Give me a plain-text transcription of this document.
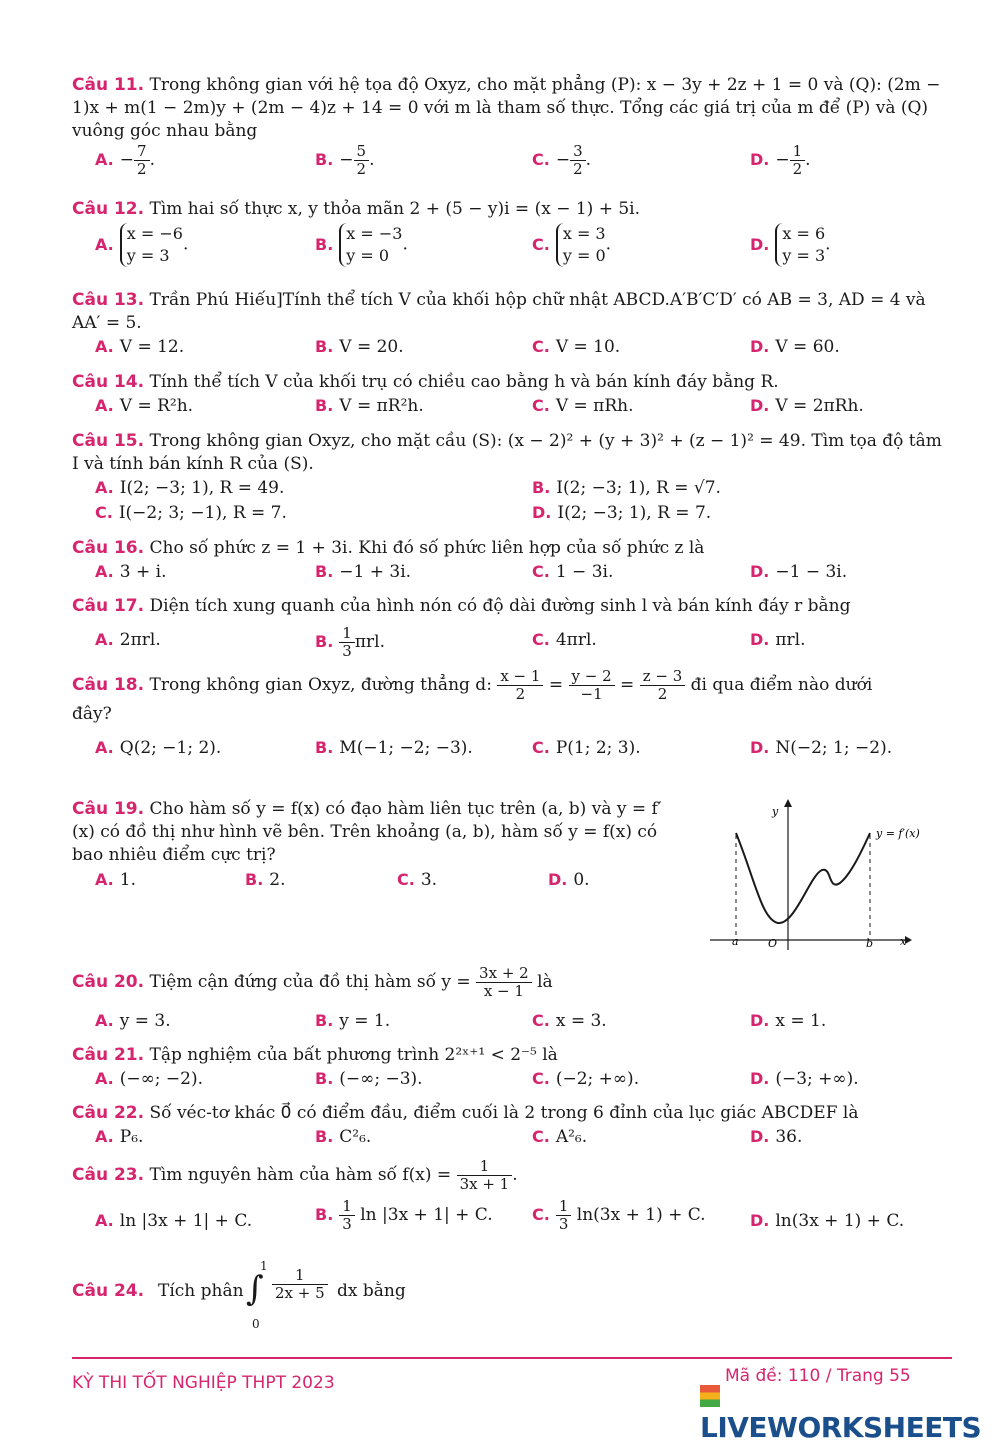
Câu 11. Trong không gian với hệ tọa độ Oxyz, cho mặt phẳng (P): x − 3y + 2z + 1 = 0 và (Q): (2m − 1)x + m(1 − 2m)y + (2m − 4)z + 14 = 0 với m là tham số thực. Tổng các giá trị của m để (P) và (Q) vuông góc nhau bằng
A. − $\frac{7}{2}$ .	B. − $\frac{5}{2}$ .	C. − $\frac{3}{2}$ .	D. − $\frac{1}{2}$ .
Câu 12. Tìm hai số thực x, y thỏa mãn 2 + (5 − y)i = (x − 1) + 5i.
A.
x = −6
y = 3
.	B.
x = −3
y = 0
.	C.
x = 3
y = 0
.	D.
x = 6
y = 3
.
Câu 13. Trần Phú Hiếu]Tính thể tích V của khối hộp chữ nhật ABCD.A′B′C′D′ có AB = 3, AD = 4 và AA′ = 5.
A. V = 12.	B. V = 20.	C. V = 10.	D. V = 60.
Câu 14. Tính thể tích V của khối trụ có chiều cao bằng h và bán kính đáy bằng R.
A. V = R²h.	B. V = πR²h.	C. V = πRh.	D. V = 2πRh.
Câu 15. Trong không gian Oxyz, cho mặt cầu (S): (x − 2)² + (y + 3)² + (z − 1)² = 49. Tìm tọa độ tâm I và tính bán kính R của (S).
A. I(2; −3; 1), R = 49.	B. I(2; −3; 1), R = √7.
C. I(−2; 3; −1), R = 7.	D. I(2; −3; 1), R = 7.
Câu 16. Cho số phức z = 1 + 3i. Khi đó số phức liên hợp của số phức z là
A. 3 + i.	B. −1 + 3i.	C. 1 − 3i.	D. −1 − 3i.
Câu 17. Diện tích xung quanh của hình nón có độ dài đường sinh l và bán kính đáy r bằng
A. 2πrl.	B. $\frac{1}{3} \pi rl$.	C. 4πrl.	D. πrl.
Câu 18. Trong không gian Oxyz, đường thẳng d: $\frac{x - 1}{2} = \frac{y - 2}{-1} = \frac{z - 3}{2}$ đi qua điểm nào dưới
đây?
A. Q(2; −1; 2).	B. M(−1; −2; −3).	C. P(1; 2; 3).	D. N(−2; 1; −2).
Câu 19. Cho hàm số y = f(x) có đạo hàm liên tục trên (a, b) và y = f′(x) có đồ thị như hình vẽ bên. Trên khoảng (a, b), hàm số y = f(x) có bao nhiêu điểm cực trị?
A. 1.	B. 2.	C. 3.	D. 0.
y
x
a	O	b
y = f′(x)
Câu 20. Tiệm cận đứng của đồ thị hàm số $y = \frac{3x + 2}{x - 1}$ là
A. y = 3.	B. y = 1.	C. x = 3.	D. x = 1.
Câu 21. Tập nghiệm của bất phương trình 2²ˣ⁺¹ < 2⁻⁵ là
A. (−∞; −2).	B. (−∞; −3).	C. (−2; +∞).	D. (−3; +∞).
Câu 22. Số véc-tơ khác 0⃗ có điểm đầu, điểm cuối là 2 trong 6 đỉnh của lục giác ABCDEF là
A. P₆.	B. C²₆.	C. A²₆.	D. 36.
Câu 23. Tìm nguyên hàm của hàm số $f(x) = \frac{1}{3x + 1}$ .
A. ln |3x + 1| + C.	B. $\frac{1}{3}$ ln |3x + 1| + C. C. $\frac{1}{3} \ln(3x + 1) + C$.	D. ln(3x + 1) + C.
Câu 24. Tích phân
1
∫
0
$\frac{1}{2x + 5}$ dx bằng
KỲ THI TỐT NGHIỆP THPT 2023	Mã đề: 110 / Trang 55
LIVEWORKSHEETS
